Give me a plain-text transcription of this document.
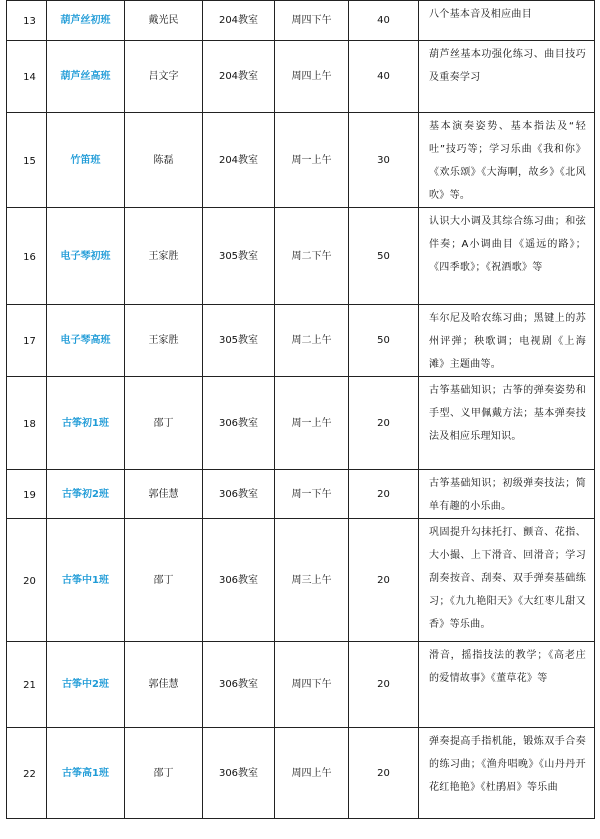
13	葫芦丝初班	戴光民	204教室	周四下午	40	八个基本音及相应曲目
14	葫芦丝高班	吕文字	204教室	周四上午	40	葫芦丝基本功强化练习、曲目技巧及重奏学习
15	竹笛班	陈磊	204教室	周一上午	30	基本演奏姿势、基本指法及“轻吐”技巧等；学习乐曲《我和你》《欢乐颂》《大海啊，故乡》《北风吹》等。
16	电子琴初班	王家胜	305教室	周二下午	50	认识大小调及其综合练习曲；和弦伴奏；A小调曲目《遥远的路》；《四季歌》；《祝酒歌》等
17	电子琴高班	王家胜	305教室	周二上午	50	车尔尼及哈农练习曲；黑键上的苏州评弹；秧歌调；电视剧《上海滩》主题曲等。
18	古筝初1班	邵丁	306教室	周一上午	20	古筝基础知识；古筝的弹奏姿势和手型、义甲佩戴方法；基本弹奏技法及相应乐理知识。
19	古筝初2班	郭佳慧	306教室	周一下午	20	古筝基础知识；初级弹奏技法；简单有趣的小乐曲。
20	古筝中1班	邵丁	306教室	周三上午	20	巩固提升勾抹托打、颤音、花指、大小撮、上下滑音、回滑音；学习刮奏按音、刮奏、双手弹奏基础练习；《九九艳阳天》《大红枣儿甜又香》等乐曲。
21	古筝中2班	郭佳慧	306教室	周四下午	20	滑音，摇指技法的教学；《高老庄的爱情故事》《董草花》等
22	古筝高1班	邵丁	306教室	周四上午	20	弹奏提高手指机能，锻炼双手合奏的练习曲；《渔舟唱晚》《山丹丹开花红艳艳》《杜鹃眉》等乐曲
